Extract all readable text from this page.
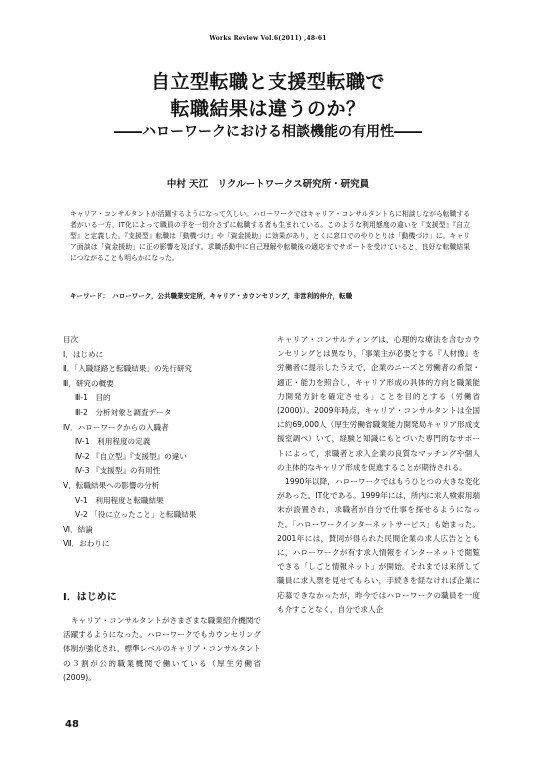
Works Review Vol.6(2011) ,48-61
自立型転職と支援型転職で
転職結果は違うのか？
――ハローワークにおける相談機能の有用性――
中村 天江　リクルートワークス研究所・研究員
キャリア・コンサルタントが活躍するようになって久しい。ハローワークではキャリア・コンサルタントらに相談しながら転職する者がいる一方，IT化によって職員の手を一切介さずに転職する者も生まれている。このような利用態度の違いを『支援型』『自立型』と定義した。『支援型』転職は「動機づけ」や「資金援助」に効果があり，とくに窓口でのやりとりは「動機づけ」に。キャリア面談は「資金援助」に正の影響を及ぼす。求職活動中に自己理解や転職後の適応までサポートを受けていると，良好な転職結果につながることも明らかになった。
キーワード：　ハローワーク，公共職業安定所，キャリア・カウンセリング，非営利的仲介，転職
目次
Ⅰ．はじめに
Ⅱ．「入職経路と転職結果」の先行研究
Ⅲ．研究の概要
Ⅲ-1　目的
Ⅲ-2　分析対象と調査データ
Ⅳ．ハローワークからの入職者
Ⅳ-1　利用程度の定義
Ⅳ-2 『自立型』『支援型』の違い
Ⅳ-3 『支援型』の有用性
Ⅴ．転職結果への影響の分析
Ⅴ-1　利用程度と転職結果
Ⅴ-2 「役に立ったこと」と転職結果
Ⅵ．結論
Ⅶ．おわりに
Ⅰ．はじめに
キャリア・コンサルタントがさまざまな職業紹介機関で活躍するようになった。ハローワークでもカウンセリング体制が強化され，標準レベルのキャリア・コンサルタントの３割が公的職業機関で働いている（厚生労働省(2009)。

キャリア・コンサルティングは，心理的な療法を含むカウンセリングとは異なり，「事業主が必要とする『人材像』を労働者に提示したうえで，企業のニーズと労働者の希望・適正・能力を照合し，キャリア形成の具体的方向と職業能力開発方針を確定させる」ことを目的とする（労働省(2000)）。2009年時点，キャリア・コンサルタントは全国に約69,000人（厚生労働省職業能力開発局キャリア形成支援室調べ）いて，経験と知識にもとづいた専門的なサポートによって，求職者と求人企業の良質なマッチングや個人の主体的なキャリア形成を促進することが期待される。

1990年以降，ハローワークではもうひとつの大きな変化があった。IT化である。1999年には，所内に求人検索用端末が設置され，求職者が自分で仕事を探せるようになった。「ハローワークインターネットサービス」も始まった。2001年には，賛同が得られた民間企業の求人広告とともに，ハローワークが有す求人情報をインターネットで閲覧できる「しごと情報ネット」が開始。それまでは来所して職員に求人票を見せてもらい，手続きを経なければ企業に応募できなかったが，昨今ではハローワークの職員を一度も介すことなく，自分で求人企

48
